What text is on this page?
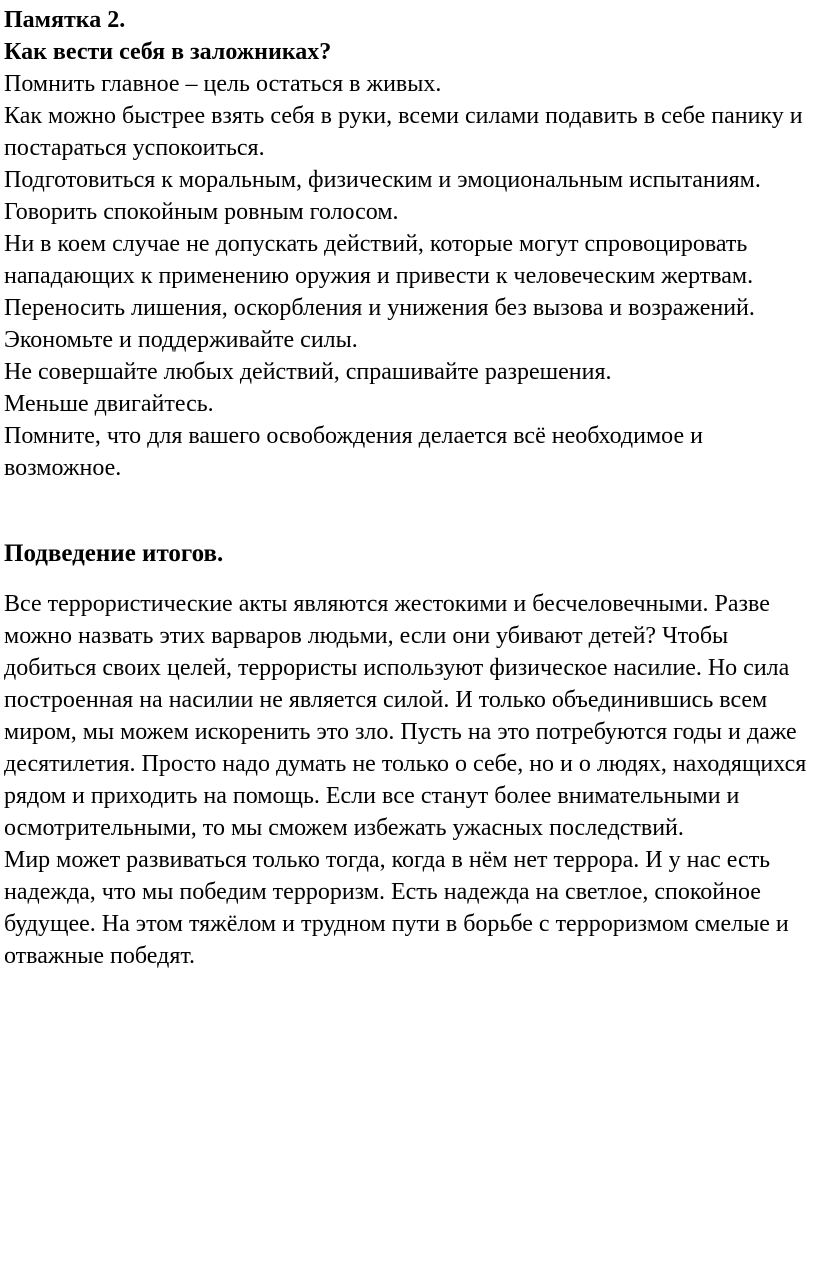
Памятка 2.
Как вести себя в заложниках?
Помнить главное – цель остаться в живых.
Как можно быстрее взять себя в руки, всеми силами подавить в себе панику и постараться успокоиться.
Подготовиться к моральным, физическим и эмоциональным испытаниям.
Говорить спокойным ровным голосом.
Ни в коем случае не допускать действий, которые могут спровоцировать нападающих к применению оружия и привести к человеческим жертвам.
Переносить лишения, оскорбления и унижения без вызова и возражений.
Экономьте и поддерживайте силы.
Не совершайте любых действий, спрашивайте разрешения.
Меньше двигайтесь.
Помните, что для вашего освобождения делается всё необходимое и возможное.
Подведение итогов.

Все террористические акты являются жестокими и бесчеловечными. Разве можно назвать этих варваров людьми, если они убивают детей? Чтобы добиться своих целей, террористы используют физическое насилие. Но сила построенная на насилии не является силой. И только объединившись всем миром, мы можем искоренить это зло. Пусть на это потребуются годы и даже десятилетия. Просто надо думать не только о себе, но и о людях, находящихся рядом и приходить на помощь. Если все станут более внимательными и осмотрительными, то мы сможем избежать ужасных последствий.

Мир может развиваться только тогда, когда в нём нет террора. И у нас есть надежда, что мы победим терроризм. Есть надежда на светлое, спокойное будущее. На этом тяжёлом и трудном пути в борьбе с терроризмом смелые и отважные победят.
